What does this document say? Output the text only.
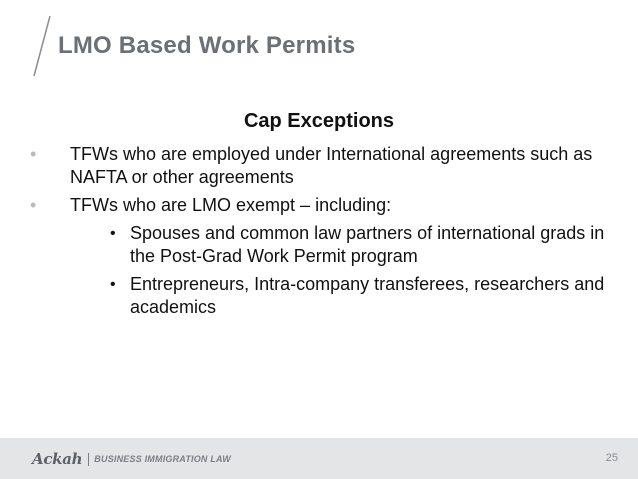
LMO Based Work Permits
Cap Exceptions
• TFWs who are employed under International agreements such as NAFTA or other agreements
• TFWs who are LMO exempt – including:
• Spouses and common law partners of international grads in the Post-Grad Work Permit program
• Entrepreneurs, Intra-company transferees, researchers and academics
Ackah BUSINESS IMMIGRATION LAW	25
